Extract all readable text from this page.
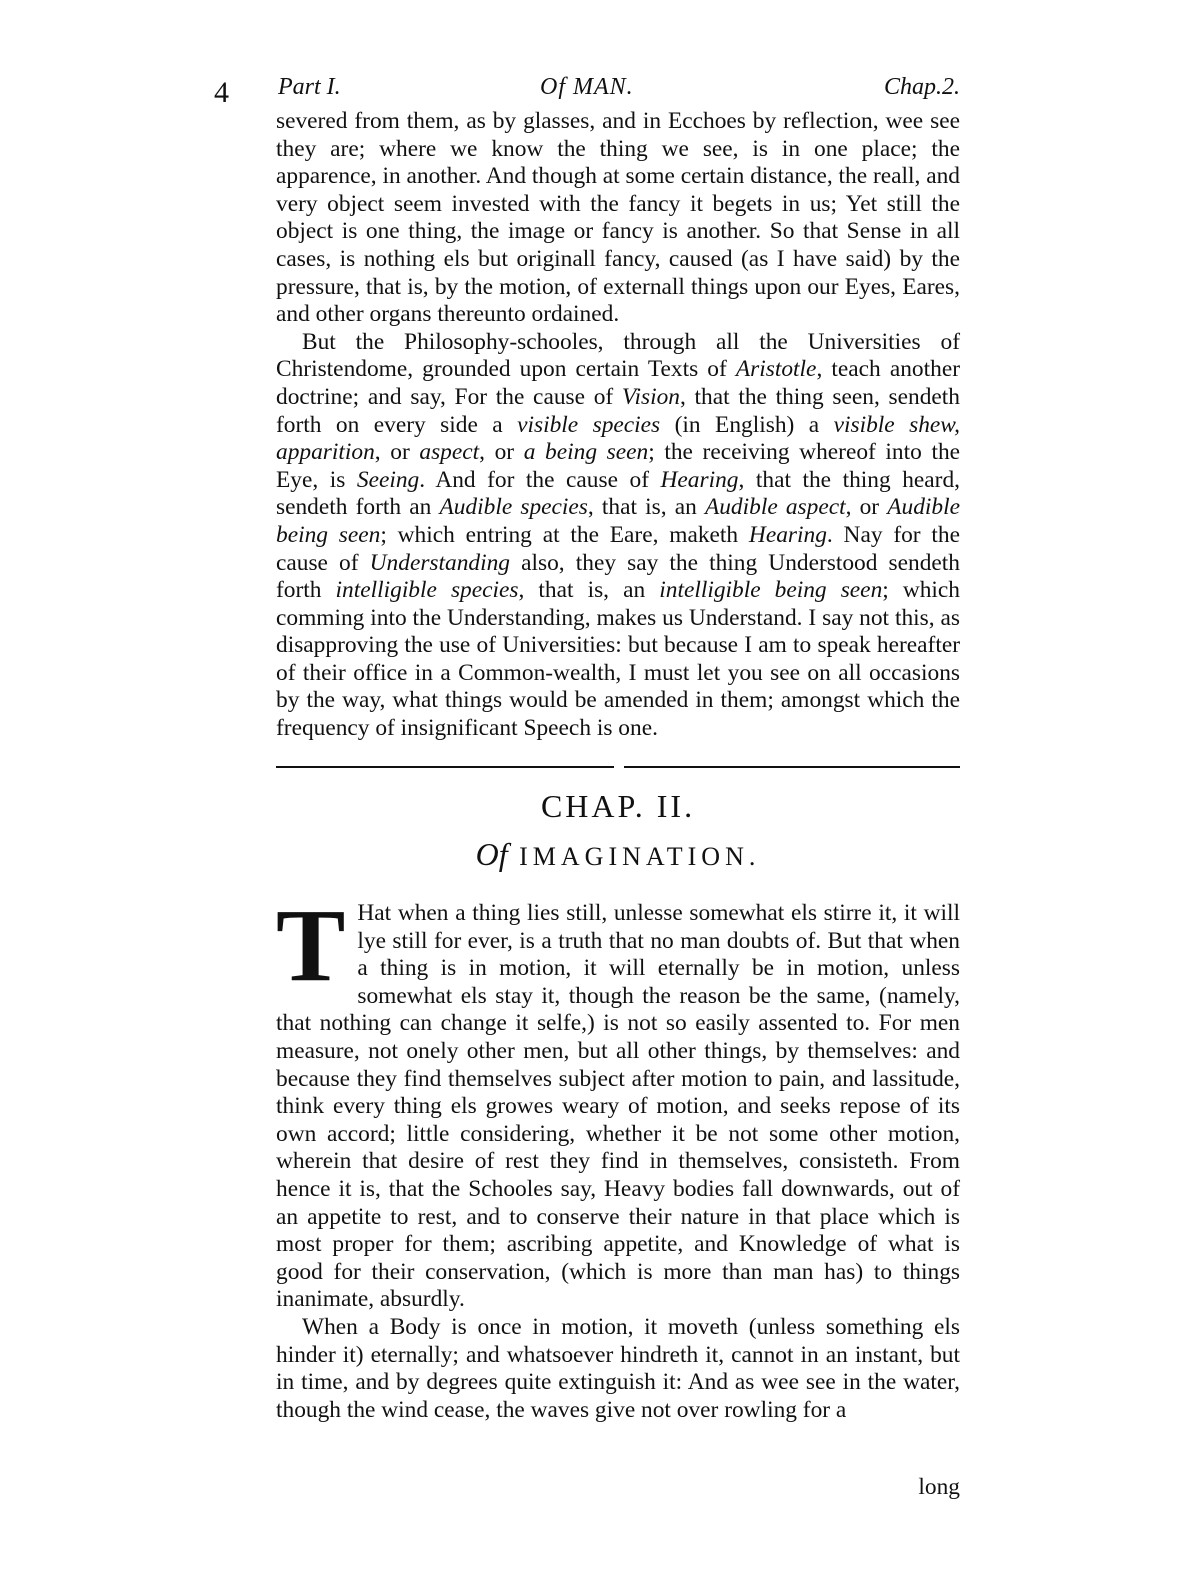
4 Part I.	Of MAN.	Chap.2.

severed from them, as by glasses, and in Ecchoes by reflection, wee see they are; where we know the thing we see, is in one place; the apparence, in another. And though at some certain distance, the reall, and very object seem invested with the fancy it begets in us; Yet still the object is one thing, the image or fancy is another. So that Sense in all cases, is nothing els but originall fancy, caused (as I have said) by the pressure, that is, by the motion, of externall things upon our Eyes, Eares, and other organs thereunto ordained.

But the Philosophy-schooles, through all the Universities of Christendome, grounded upon certain Texts of Aristotle, teach another doctrine; and say, For the cause of Vision, that the thing seen, sendeth forth on every side a visible species (in English) a visible shew, apparition, or aspect, or a being seen; the receiving whereof into the Eye, is Seeing. And for the cause of Hearing, that the thing heard, sendeth forth an Audible species, that is, an Audible aspect, or Audible being seen; which entring at the Eare, maketh Hearing. Nay for the cause of Understanding also, they say the thing Understood sendeth forth intelligible species, that is, an intelligible being seen; which comming into the Understanding, makes us Understand. I say not this, as disapproving the use of Universities: but because I am to speak hereafter of their office in a Common-wealth, I must let you see on all occasions by the way, what things would be amended in them; amongst which the frequency of insignificant Speech is one.

CHAP. II.
Of IMAGINATION.

T Hat when a thing lies still, unlesse somewhat els stirre it, it will lye still for ever, is a truth that no man doubts of. But that when a thing is in motion, it will eternally be in motion, unless somewhat els stay it, though the reason be the same, (namely, that nothing can change it selfe,) is not so easily assented to. For men measure, not onely other men, but all other things, by themselves: and because they find themselves subject after motion to pain, and lassitude, think every thing els growes weary of motion, and seeks repose of its own accord; little considering, whether it be not some other motion, wherein that desire of rest they find in themselves, consisteth. From hence it is, that the Schooles say, Heavy bodies fall downwards, out of an appetite to rest, and to conserve their nature in that place which is most proper for them; ascribing appetite, and Knowledge of what is good for their conservation, (which is more than man has) to things inanimate, absurdly.

When a Body is once in motion, it moveth (unless something els hinder it) eternally; and whatsoever hindreth it, cannot in an instant, but in time, and by degrees quite extinguish it: And as wee see in the water, though the wind cease, the waves give not over rowling for a

long
